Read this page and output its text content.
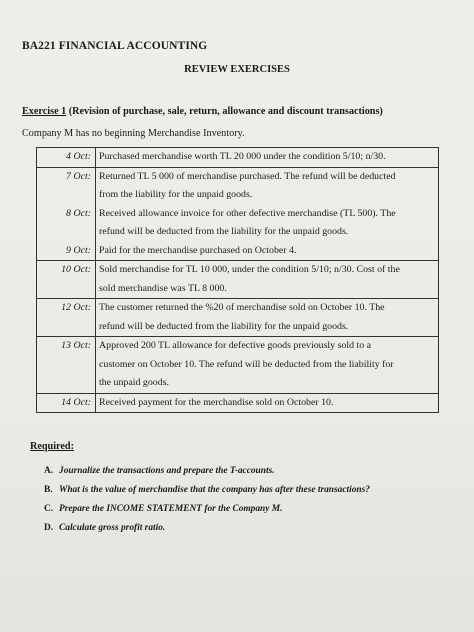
BA221 FINANCIAL ACCOUNTING
REVIEW EXERCISES
Exercise 1 (Revision of purchase, sale, return, allowance and discount transactions)
Company M has no beginning Merchandise Inventory.
4 Oct:	Purchased merchandise worth TL 20 000 under the condition 5/10; n/30.
7 Oct:	Returned TL 5 000 of merchandise purchased. The refund will be deducted
	from the liability for the unpaid goods.
8 Oct:	Received allowance invoice for other defective merchandise (TL 500). The
	refund will be deducted from the liability for the unpaid goods.
9 Oct:	Paid for the merchandise purchased on October 4.
10 Oct:	Sold merchandise for TL 10 000, under the condition 5/10; n/30. Cost of the
	sold merchandise was TL 8 000.
12 Oct:	The customer returned the %20 of merchandise sold on October 10. The
	refund will be deducted from the liability for the unpaid goods.
13 Oct:	Approved 200 TL allowance for defective goods previously sold to a
	customer on October 10. The refund will be deducted from the liability for
	the unpaid goods.
14 Oct:	Received payment for the merchandise sold on October 10.
Required:
A. Journalize the transactions and prepare the T-accounts.
B. What is the value of merchandise that the company has after these transactions?
C. Prepare the INCOME STATEMENT for the Company M.
D. Calculate gross profit ratio.
